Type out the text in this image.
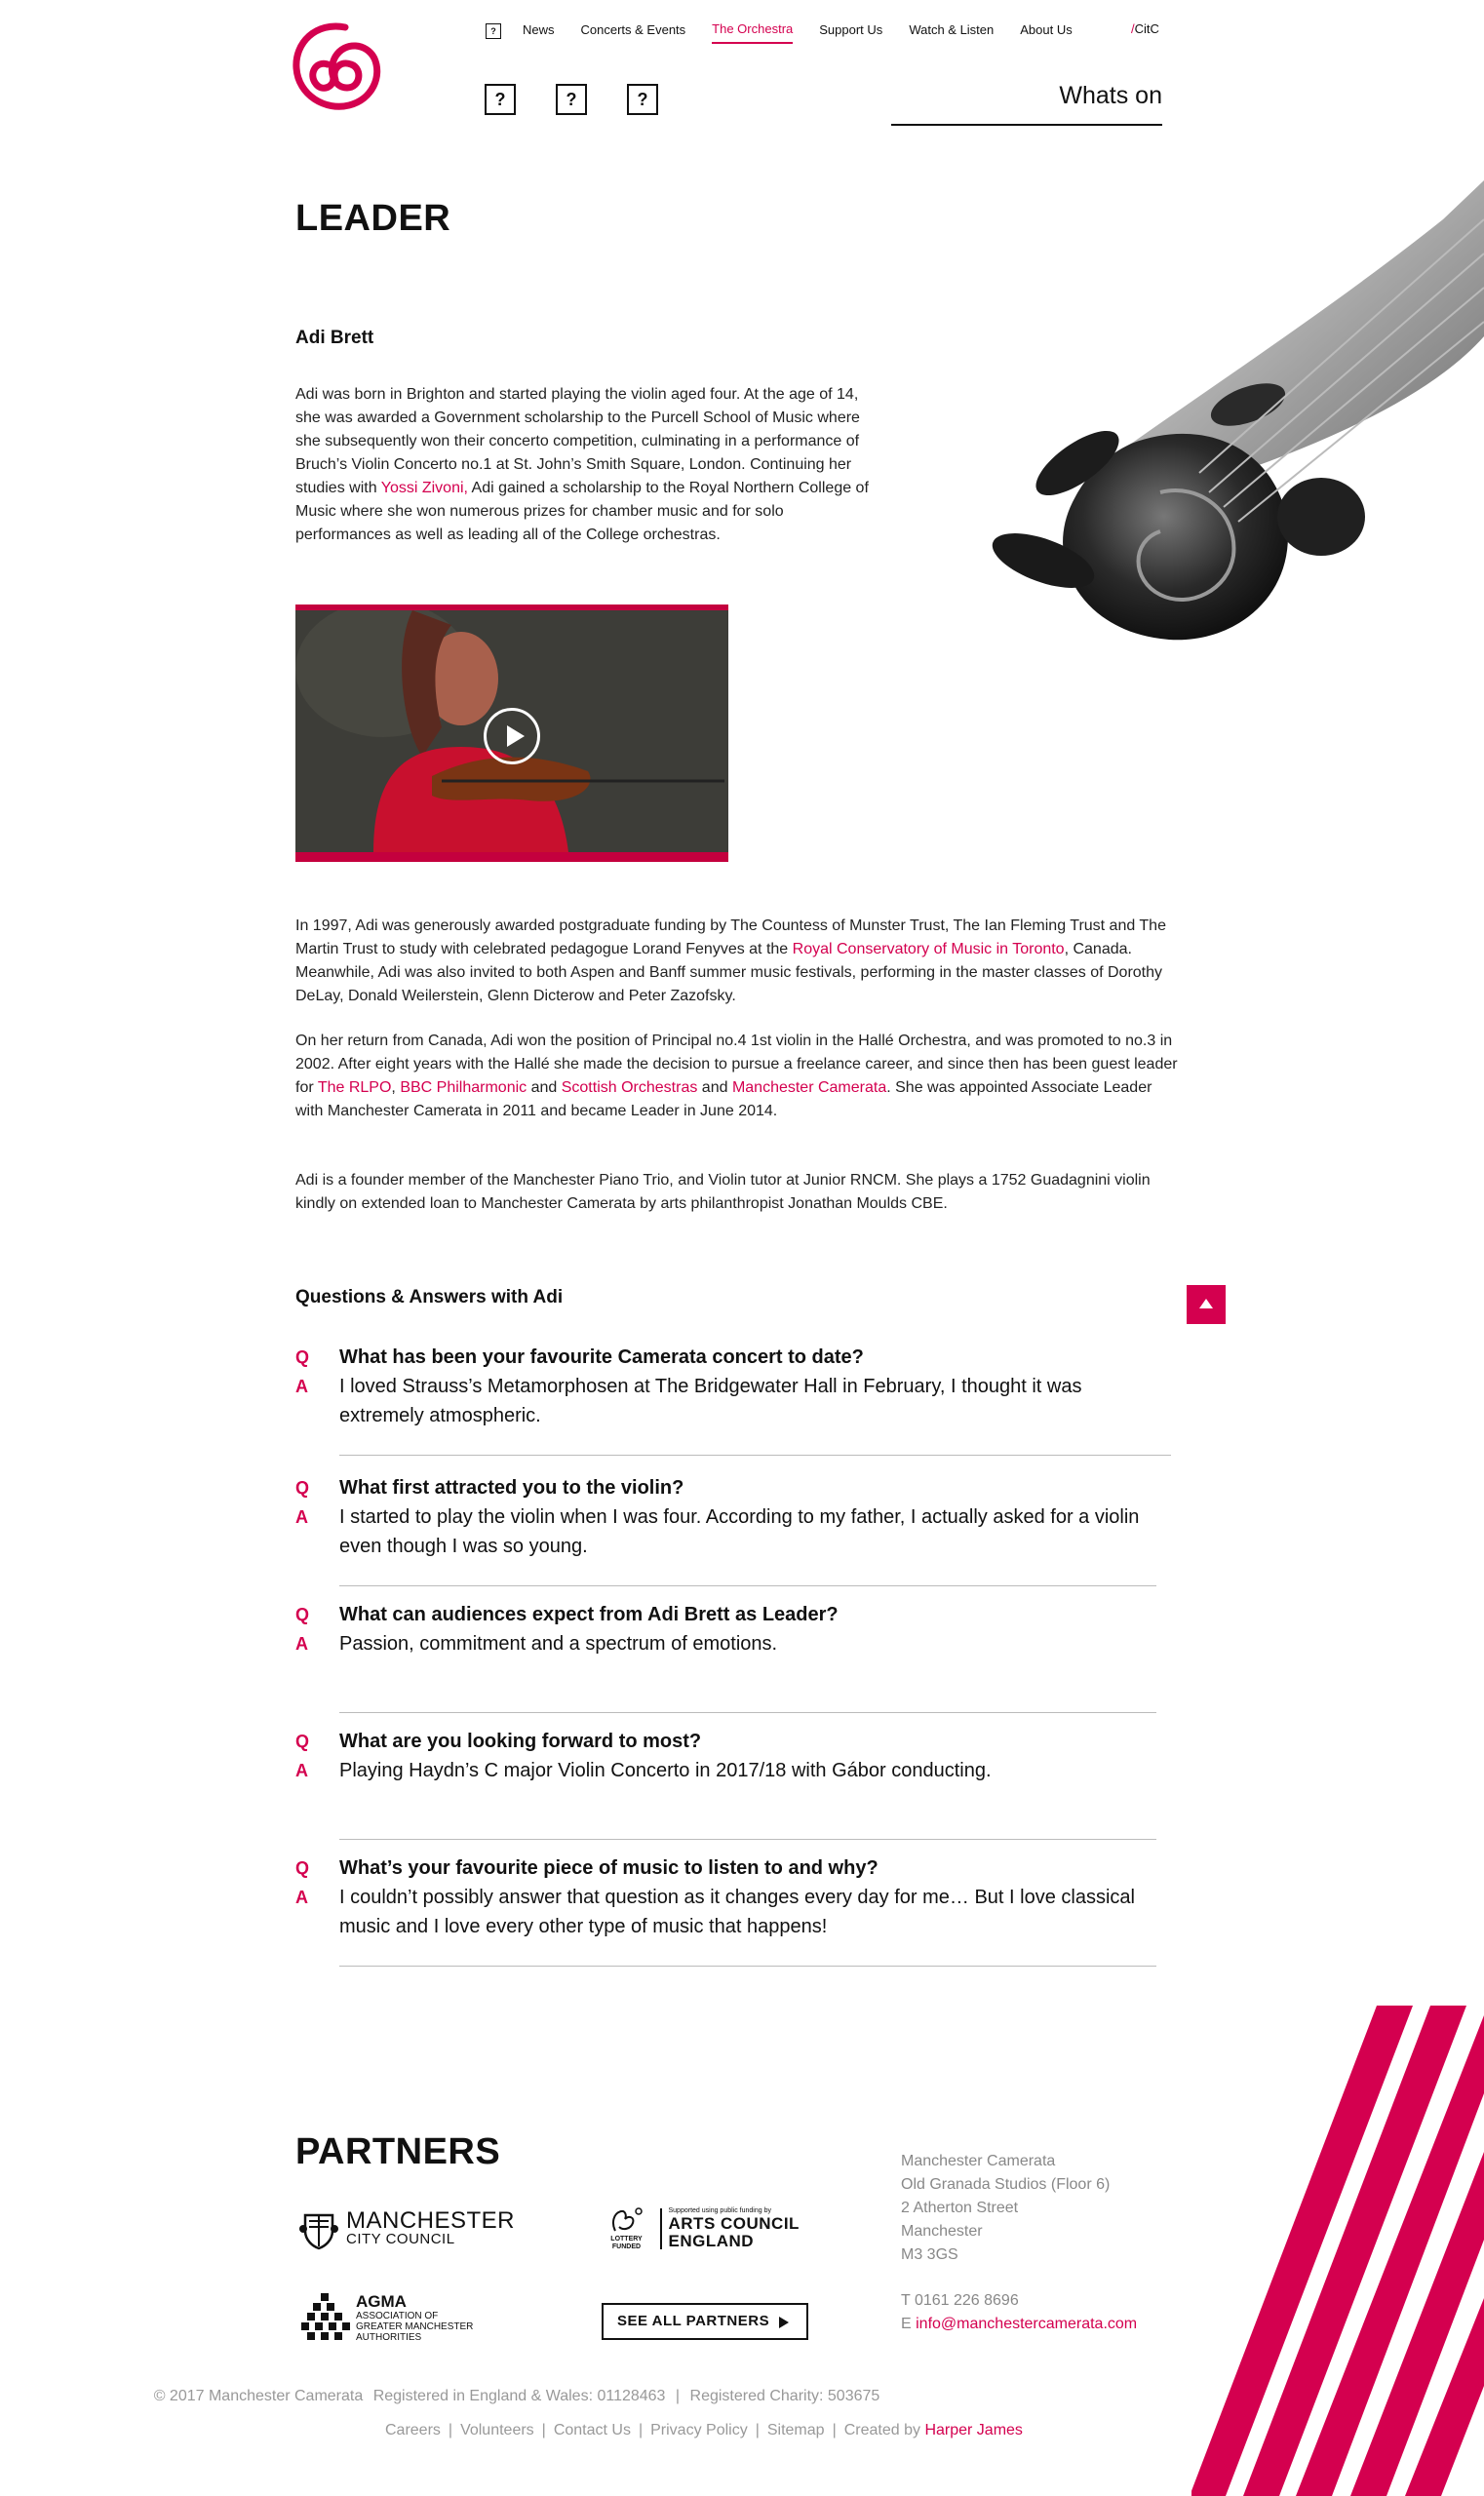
?	News Concerts & Events The Orchestra Support Us Watch & Listen About Us	/CitC
?	?	?	Whats on
LEADER
Adi Brett

Adi was born in Brighton and started playing the violin aged four. At the age of 14, she was awarded a Government scholarship to the Purcell School of Music where she subsequently won their concerto competition, culminating in a performance of Bruch’s Violin Concerto no.1 at St. John’s Smith Square, London. Continuing her studies with Yossi Zivoni, Adi gained a scholarship to the Royal Northern College of Music where she won numerous prizes for chamber music and for solo performances as well as leading all of the College orchestras.

In 1997, Adi was generously awarded postgraduate funding by The Countess of Munster Trust, The Ian Fleming Trust and The Martin Trust to study with celebrated pedagogue Lorand Fenyves at the Royal Conservatory of Music in Toronto, Canada. Meanwhile, Adi was also invited to both Aspen and Banff summer music festivals, performing in the master classes of Dorothy DeLay, Donald Weilerstein, Glenn Dicterow and Peter Zazofsky.

On her return from Canada, Adi won the position of Principal no.4 1st violin in the Hallé Orchestra, and was promoted to no.3 in 2002. After eight years with the Hallé she made the decision to pursue a freelance career, and since then has been guest leader for The RLPO, BBC Philharmonic and Scottish Orchestras and Manchester Camerata. She was appointed Associate Leader with Manchester Camerata in 2011 and became Leader in June 2014.

Adi is a founder member of the Manchester Piano Trio, and Violin tutor at Junior RNCM. She plays a 1752 Guadagnini violin kindly on extended loan to Manchester Camerata by arts philanthropist Jonathan Moulds CBE.

Questions & Answers with Adi
Q	What has been your favourite Camerata concert to date?
A	I loved Strauss’s Metamorphosen at The Bridgewater Hall in February, I thought it was extremely atmospheric.
Q	What first attracted you to the violin?
A	I started to play the violin when I was four. According to my father, I actually asked for a violin even though I was so young.
Q	What can audiences expect from Adi Brett as Leader?
A	Passion, commitment and a spectrum of emotions.
Q	What are you looking forward to most?
A	Playing Haydn’s C major Violin Concerto in 2017/18 with Gábor conducting.
Q	What’s your favourite piece of music to listen to and why?
A	I couldn’t possibly answer that question as it changes every day for me… But I love classical music and I love every other type of music that happens!
PARTNERS
MANCHESTER
CITY COUNCIL	LOTTERY FUNDED
Supported using public funding by
ARTS COUNCIL
ENGLAND
AGMA
ASSOCIATION OF
GREATER MANCHESTER
AUTHORITIES
SEE ALL PARTNERS
Manchester Camerata
Old Granada Studios (Floor 6)
2 Atherton Street
Manchester
M3 3GS
T 0161 226 8696
E info@manchestercamerata.com
© 2017 Manchester Camerata Registered in England & Wales: 01128463 | Registered Charity: 503675
Careers | Volunteers | Contact Us | Privacy Policy | Sitemap | Created by Harper James
